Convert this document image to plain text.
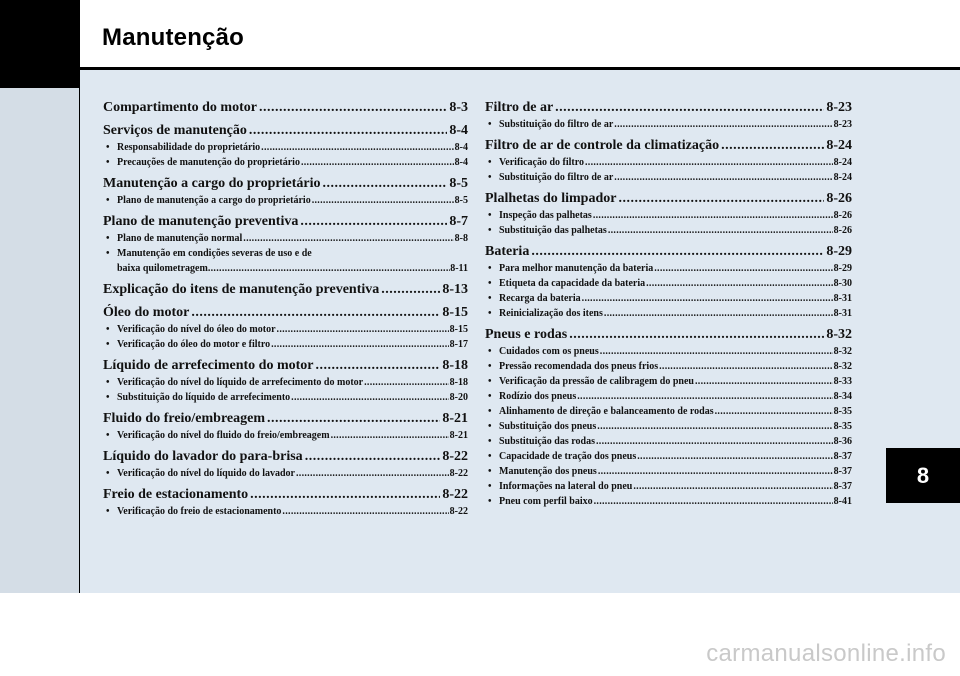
Manutenção
Compartimento do motor .....	8-3
Serviços de manutenção .....	8-4
• Responsabilidade do proprietário .....	8-4
• Precauções de manutenção do proprietário .....	8-4
Manutenção a cargo do proprietário .....	8-5
• Plano de manutenção a cargo do proprietário .....	8-5
Plano de manutenção preventiva .....	8-7
• Plano de manutenção normal .....	8-8
• Manutenção em condições severas de uso e de
baixa quilometragem .....	8-11
Explicação do itens de manutenção preventiva .....	8-13
Óleo do motor .....	8-15
• Verificação do nível do óleo do motor .....	8-15
• Verificação do óleo do motor e filtro .....	8-17
Líquido de arrefecimento do motor .....	8-18
• Verificação do nível do líquido de arrefecimento do motor .....	8-18
• Substituição do líquido de arrefecimento .....	8-20
Fluido do freio/embreagem .....	8-21
• Verificação do nível do fluido do freio/embreagem .....	8-21
Líquido do lavador do para-brisa .....	8-22
• Verificação do nível do líquido do lavador .....	8-22
Freio de estacionamento .....	8-22
• Verificação do freio de estacionamento .....	8-22
Filtro de ar .....	8-23
• Substituição do filtro de ar .....	8-23
Filtro de ar de controle da climatização .....	8-24
• Verificação do filtro .....	8-24
• Substituição do filtro de ar .....	8-24
Plalhetas do limpador .....	8-26
• Inspeção das palhetas .....	8-26
• Substituição das palhetas .....	8-26
Bateria .....	8-29
• Para melhor manutenção da bateria .....	8-29
• Etiqueta da capacidade da bateria .....	8-30
• Recarga da bateria .....	8-31
• Reinicialização dos itens .....	8-31
Pneus e rodas .....	8-32
• Cuidados com os pneus .....	8-32
• Pressão recomendada dos pneus frios .....	8-32
• Verificação da pressão de calibragem do pneu .....	8-33
• Rodízio dos pneus .....	8-34
• Alinhamento de direção e balanceamento de rodas .....	8-35
• Substituição dos pneus .....	8-35
• Substituição das rodas .....	8-36
• Capacidade de tração dos pneus .....	8-37
• Manutenção dos pneus .....	8-37
• Informações na lateral do pneu .....	8-37
• Pneu com perfil baixo .....	8-41
8
carmanualsonline.info
